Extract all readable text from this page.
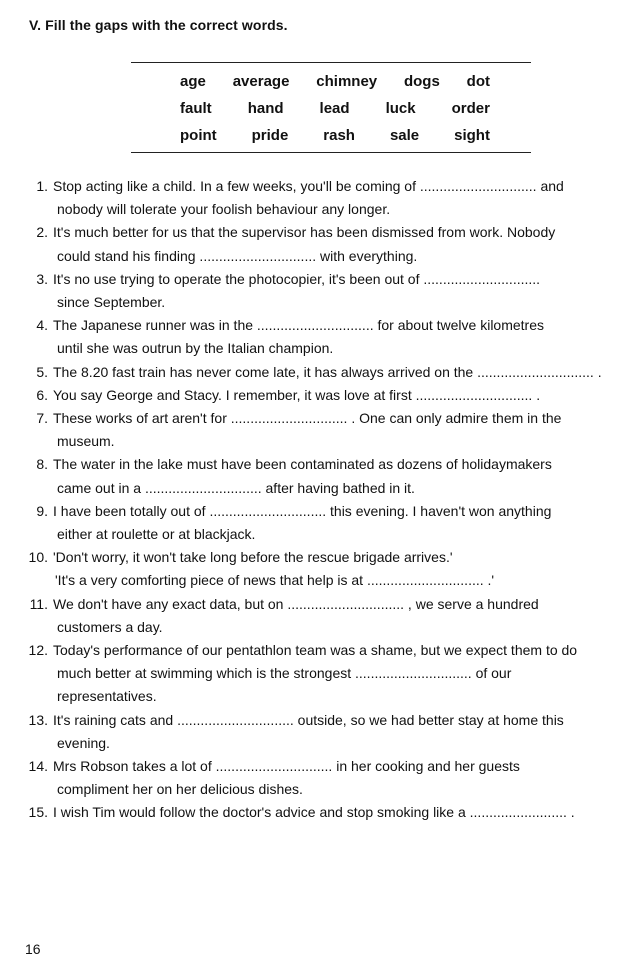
V. Fill the gaps with the correct words.
age average chimney dogs dot
fault hand lead luck order
point pride rash sale sight
1. Stop acting like a child. In a few weeks, you'll be coming of .............................. and
nobody will tolerate your foolish behaviour any longer.
2. It's much better for us that the supervisor has been dismissed from work. Nobody
could stand his finding .............................. with everything.
3. It's no use trying to operate the photocopier, it's been out of ..............................
since September.
4. The Japanese runner was in the .............................. for about twelve kilometres
until she was outrun by the Italian champion.
5. The 8.20 fast train has never come late, it has always arrived on the .............................. .
6. You say George and Stacy. I remember, it was love at first .............................. .
7. These works of art aren't for .............................. . One can only admire them in the
museum.
8. The water in the lake must have been contaminated as dozens of holidaymakers
came out in a .............................. after having bathed in it.
9. I have been totally out of .............................. this evening. I haven't won anything
either at roulette or at blackjack.
10. 'Don't worry, it won't take long before the rescue brigade arrives.'
'It's a very comforting piece of news that help is at .............................. .'
11. We don't have any exact data, but on .............................. , we serve a hundred
customers a day.
12. Today's performance of our pentathlon team was a shame, but we expect them to do
much better at swimming which is the strongest .............................. of our
representatives.
13. It's raining cats and .............................. outside, so we had better stay at home this
evening.
14. Mrs Robson takes a lot of .............................. in her cooking and her guests
compliment her on her delicious dishes.
15. I wish Tim would follow the doctor's advice and stop smoking like a ......................... .
16
